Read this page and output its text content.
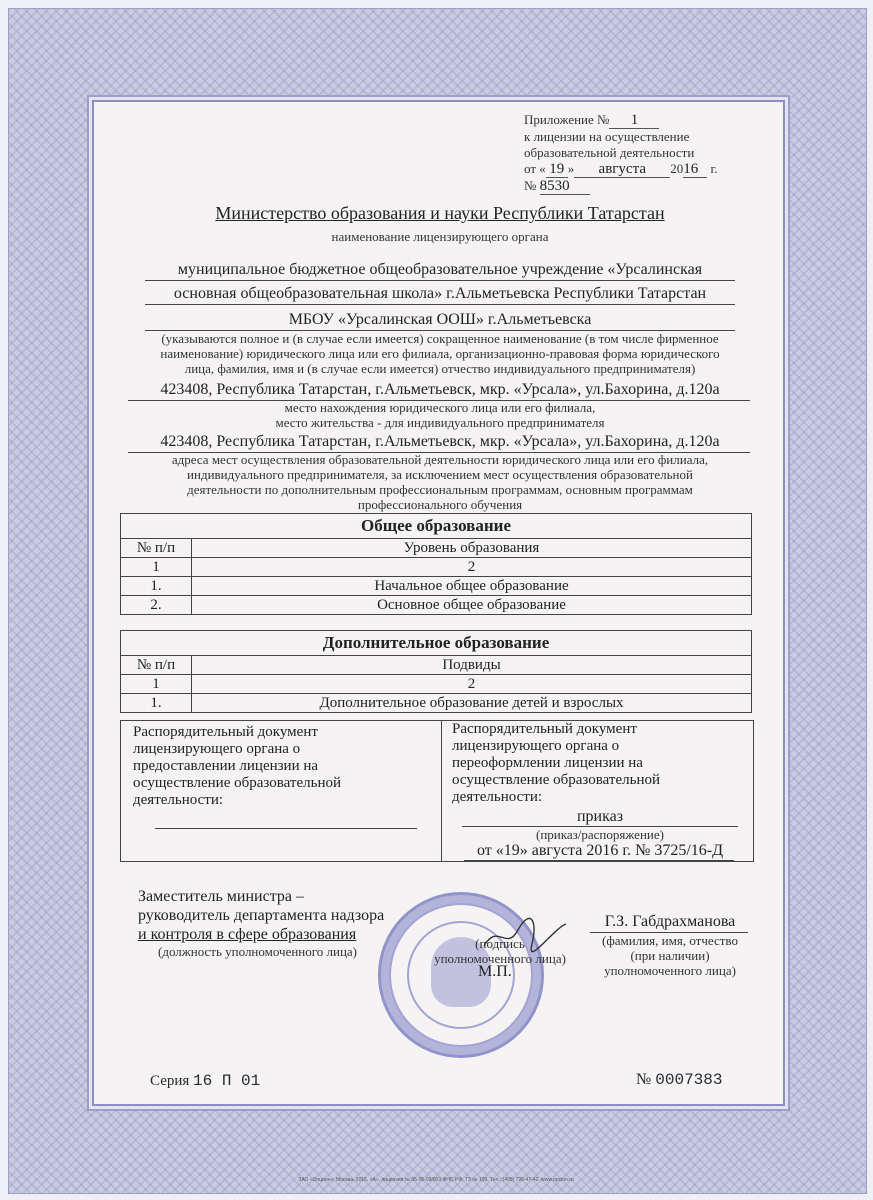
Приложение № 1
к лицензии на осуществление
образовательной деятельности
от « 19 » августа 2016 г.
№ 8530
Министерство образования и науки Республики Татарстан
наименование лицензирующего органа
муниципальное бюджетное общеобразовательное учреждение «Урсалинская
основная общеобразовательная школа» г.Альметьевска Республики Татарстан
МБОУ «Урсалинская ООШ» г.Альметьевска
(указываются полное и (в случае если имеется) сокращенное наименование (в том числе фирменное
наименование) юридического лица или его филиала, организационно-правовая форма юридического
лица, фамилия, имя и (в случае если имеется) отчество индивидуального предпринимателя)
423408, Республика Татарстан, г.Альметьевск, мкр. «Урсала», ул.Бахорина, д.120а
место нахождения юридического лица или его филиала,
место жительства - для индивидуального предпринимателя
423408, Республика Татарстан, г.Альметьевск, мкр. «Урсала», ул.Бахорина, д.120а
адреса мест осуществления образовательной деятельности юридического лица или его филиала,
индивидуального предпринимателя, за исключением мест осуществления образовательной
деятельности по дополнительным профессиональным программам, основным программам
профессионального обучения
Общее образование	
№ п/п	Уровень образования
1	2
1.	Начальное общее образование
2.	Основное общее образование
Дополнительное образование	
№ п/п	Подвиды
1	2
1.	Дополнительное образование детей и взрослых
Распорядительный документ
лицензирующего органа о
предоставлении лицензии на
осуществление образовательной
деятельности:
Распорядительный документ
лицензирующего органа о
переоформлении лицензии на
осуществление образовательной
деятельности:
приказ
(приказ/распоряжение)
от «19» августа 2016 г. № 3725/16-Д
Заместитель министра –
руководитель департамента надзора
и контроля в сфере образования
(должность уполномоченного лица)
(подпись
уполномоченного лица)
М.П.
Г.З. Габдрахманова
(фамилия, имя, отчество
(при наличии)
уполномоченного лица)
Серия 16 П 01	№ 0007383
ЗАО «Опцион», Москва, 2015, «А», лицензия № 05-05-09/003 ФНС РФ, ТЗ № 109, Тел.: (495) 726-47-42, www.opcion.ru
